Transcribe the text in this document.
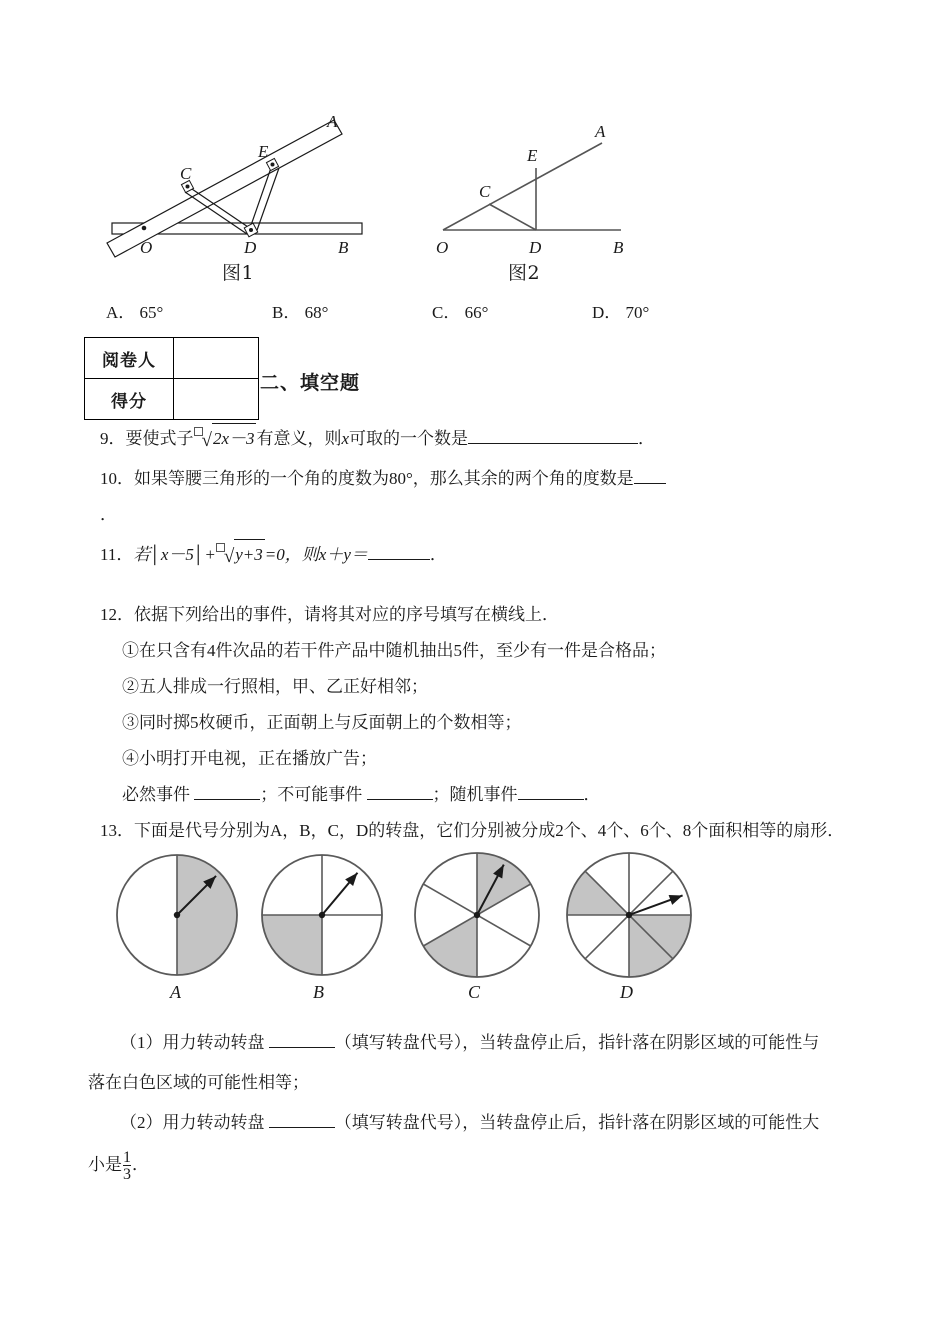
A
E
C
O	D	B
A
E
C
O	D	B
图1	图2
A． 65°	B． 68°	C． 66°	D． 70°
阅卷人	
得分	
二、填空题
9．要使式子 √2x－3 有意义，则x可取的一个数是	．
10．如果等腰三角形的一个角的度数为80°，那么其余的两个角的度数是
．
11．若│x－5│+ √y+3 =0，则x＋y＝	．
12．依据下列给出的事件，请将其对应的序号填写在横线上．
①在只含有4件次品的若干件产品中随机抽出5件，至少有一件是合格品；
②五人排成一行照相，甲、乙正好相邻；
③同时掷5枚硬币，正面朝上与反面朝上的个数相等；
④小明打开电视，正在播放广告；
必然事件	；不可能事件	；随机事件	．
13．下面是代号分别为A，B，C，D的转盘，它们分别被分成2个、4个、6个、8个面积相等的扇形．
A	B	C	D
（1）用力转动转盘	（填写转盘代号），当转盘停止后，指针落在阴影区域的可能性与
落在白色区域的可能性相等；
（2）用力转动转盘	（填写转盘代号），当转盘停止后，指针落在阴影区域的可能性大
小是$\frac{1}{3}$．
